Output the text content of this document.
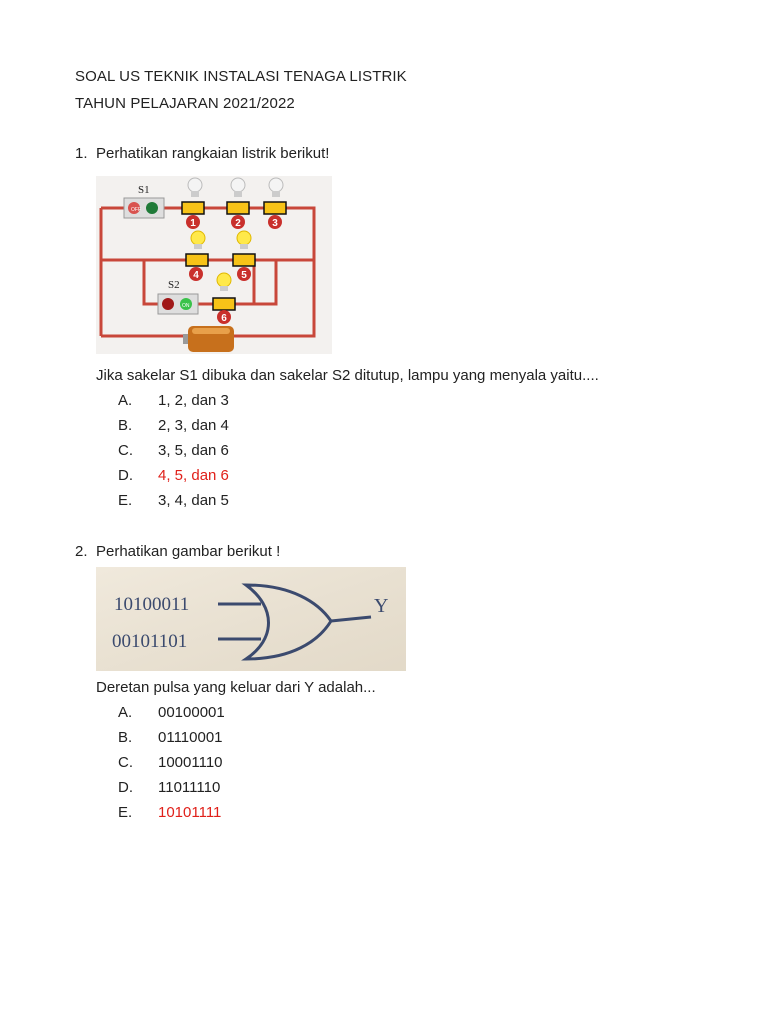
SOAL US TEKNIK INSTALASI TENAGA LISTRIK
TAHUN PELAJARAN 2021/2022
1. Perhatikan rangkaian listrik berikut!
OFF
S1
ON
S2
1	2	3
4	5
6
Jika sakelar S1 dibuka dan sakelar S2 ditutup, lampu yang menyala yaitu....
A.	1, 2, dan 3
B.	2, 3, dan 4
C.	3, 5, dan 6
D.	4, 5, dan 6
E.	3, 4, dan 5
2. Perhatikan gambar berikut !
10100011
00101101
Y
Deretan pulsa yang keluar dari Y adalah...
A.	00100001
B.	01110001
C.	10001110
D.	11011110
E.	10101111
